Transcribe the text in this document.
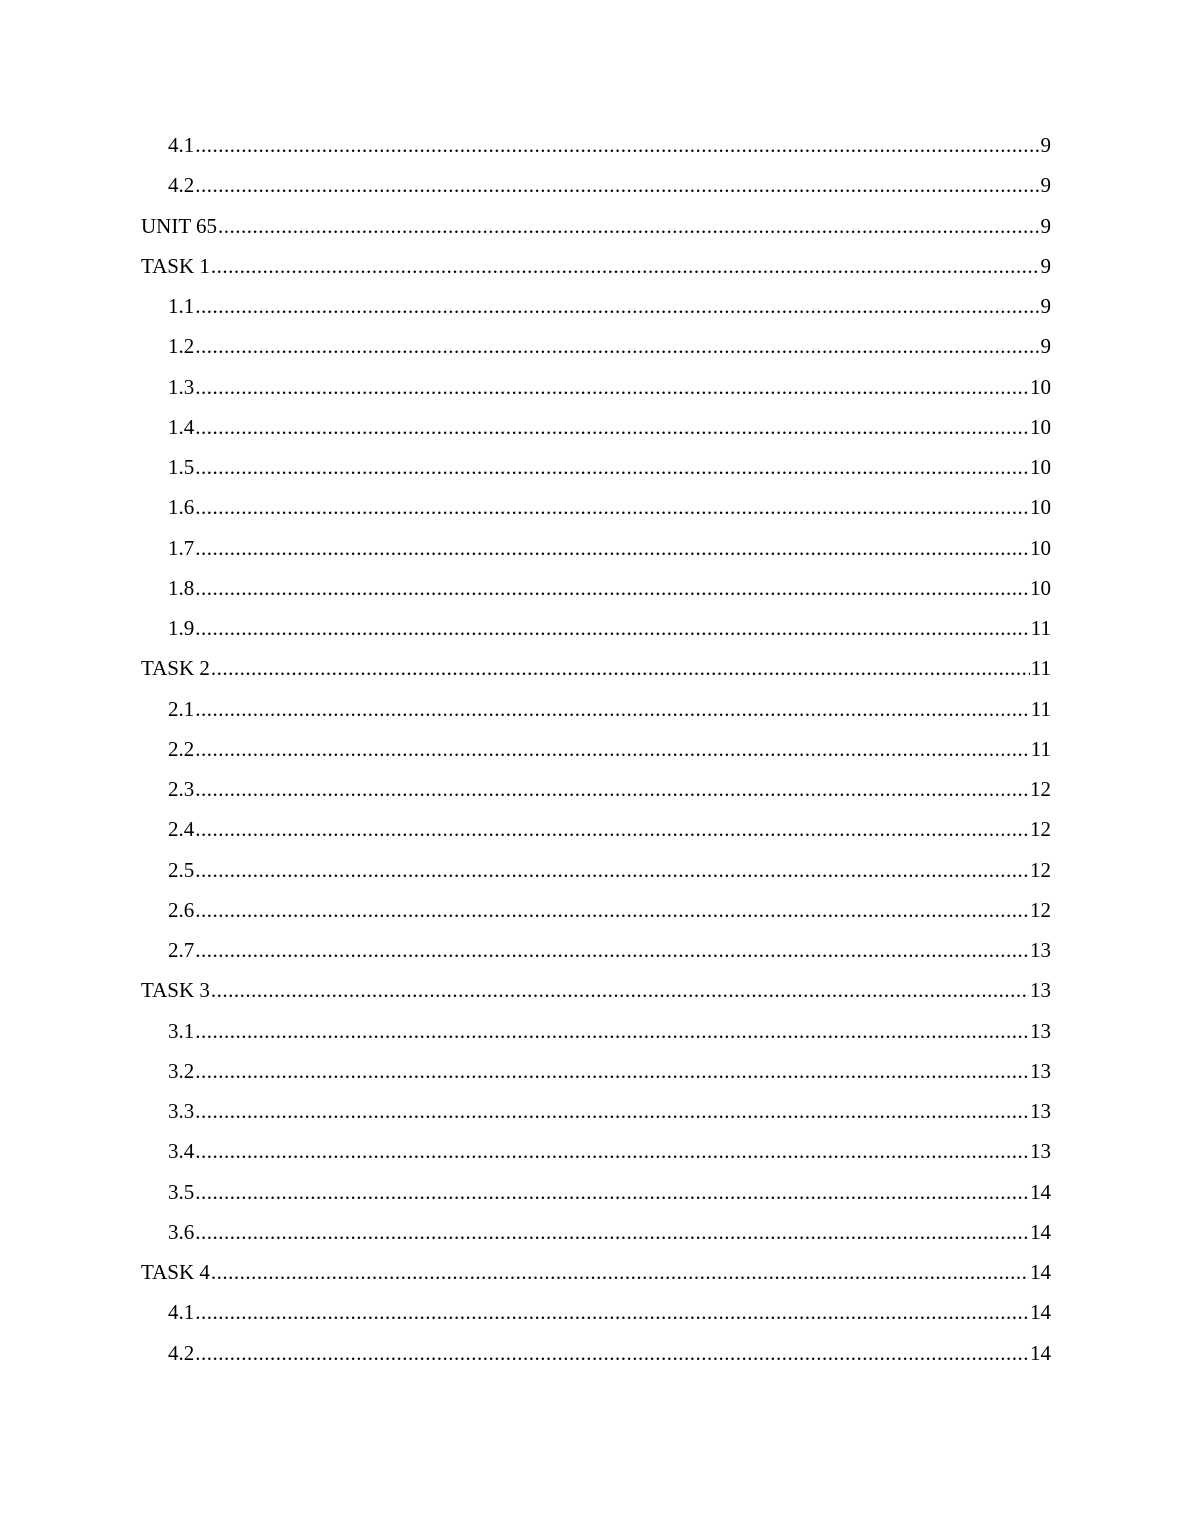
4.1 .....	9
4.2 .....	9
UNIT 65 .....	9
TASK 1 .....	9
1.1 .....	9
1.2 .....	9
1.3 .....	10
1.4 .....	10
1.5 .....	10
1.6 .....	10
1.7 .....	10
1.8 .....	10
1.9 .....	11
TASK 2 .....	11
2.1 .....	11
2.2 .....	11
2.3 .....	12
2.4 .....	12
2.5 .....	12
2.6 .....	12
2.7 .....	13
TASK 3 .....	13
3.1 .....	13
3.2 .....	13
3.3 .....	13
3.4 .....	13
3.5 .....	14
3.6 .....	14
TASK 4 .....	14
4.1 .....	14
4.2 .....	14
